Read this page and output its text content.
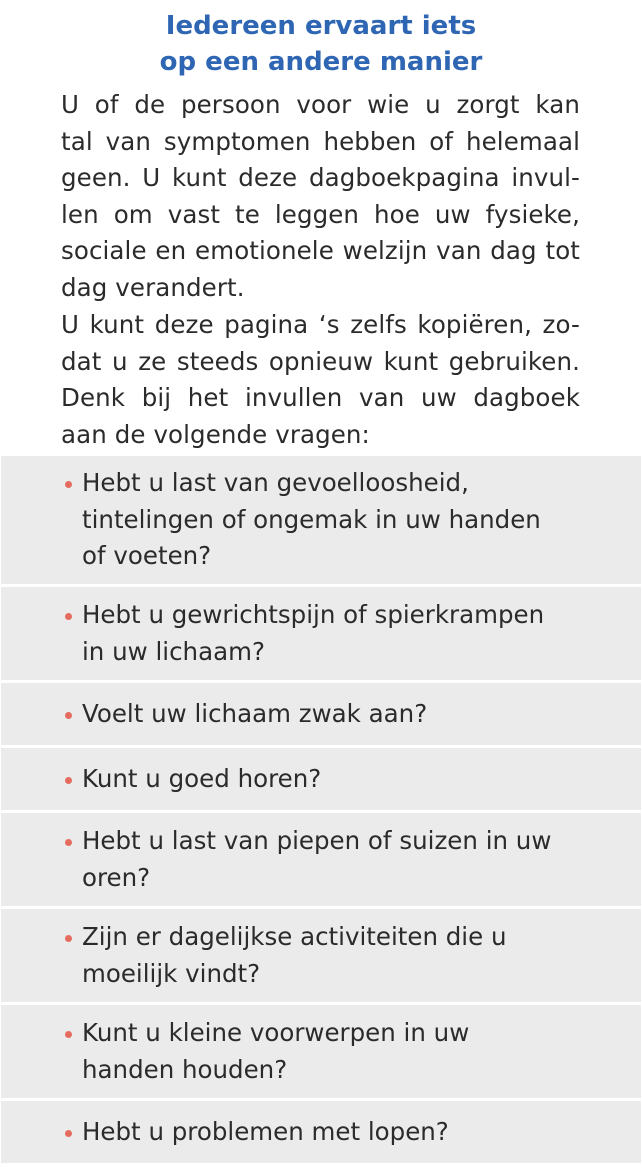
Iedereen ervaart iets
op een andere manier
U of de persoon voor wie u zorgt kan
tal van symptomen hebben of helemaal
geen. U kunt deze dagboekpagina invul-
len om vast te leggen hoe uw fysieke,
sociale en emotionele welzijn van dag tot
dag verandert.
U kunt deze pagina ‘s zelfs kopiëren, zo-
dat u ze steeds opnieuw kunt gebruiken.
Denk bij het invullen van uw dagboek
aan de volgende vragen:
Hebt u last van gevoelloosheid,
tintelingen of ongemak in uw handen
of voeten?
Hebt u gewrichtspijn of spierkrampen
in uw lichaam?
Voelt uw lichaam zwak aan?
Kunt u goed horen?
Hebt u last van piepen of suizen in uw
oren?
Zijn er dagelijkse activiteiten die u
moeilijk vindt?
Kunt u kleine voorwerpen in uw
handen houden?
Hebt u problemen met lopen?
